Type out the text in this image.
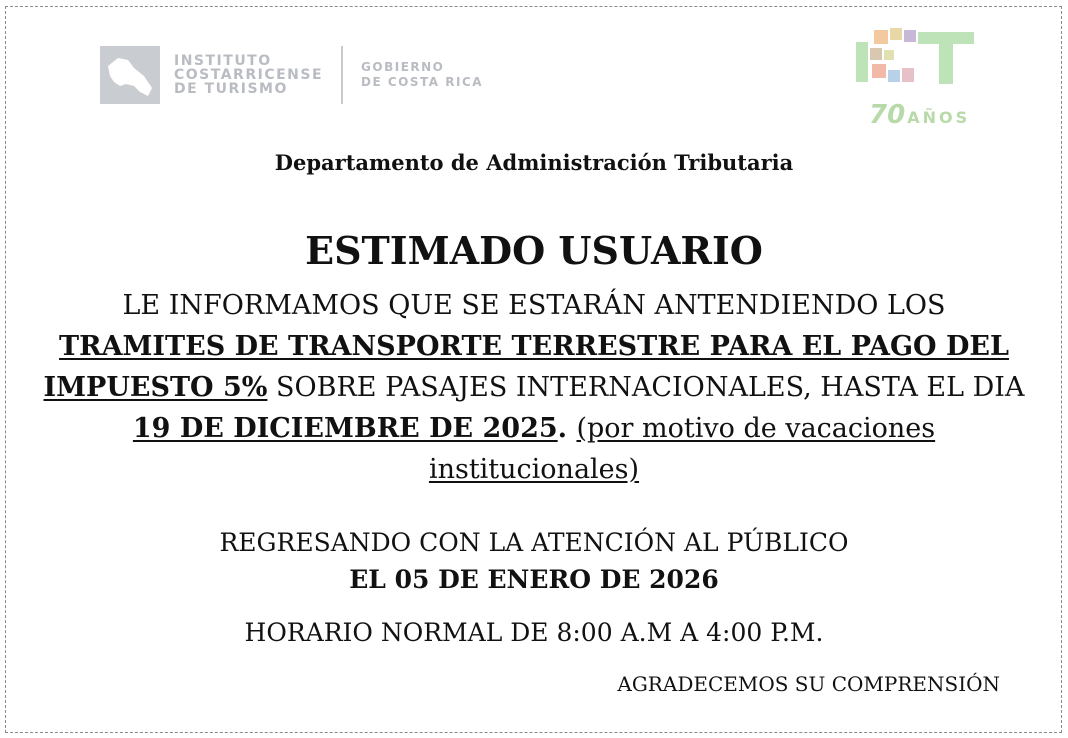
INSTITUTO
COSTARRICENSE
DE TURISMO
GOBIERNO
DE COSTA RICA
70 AÑOS
Departamento de Administración Tributaria
ESTIMADO USUARIO
LE INFORMAMOS QUE SE ESTARÁN ANTENDIENDO LOS
TRAMITES DE TRANSPORTE TERRESTRE PARA EL PAGO DEL
IMPUESTO 5% SOBRE PASAJES INTERNACIONALES, HASTA EL DIA
19 DE DICIEMBRE DE 2025. (por motivo de vacaciones
institucionales)
REGRESANDO CON LA ATENCIÓN AL PÚBLICO
EL 05 DE ENERO DE 2026
HORARIO NORMAL DE 8:00 A.M A 4:00 P.M.
AGRADECEMOS SU COMPRENSIÓN
